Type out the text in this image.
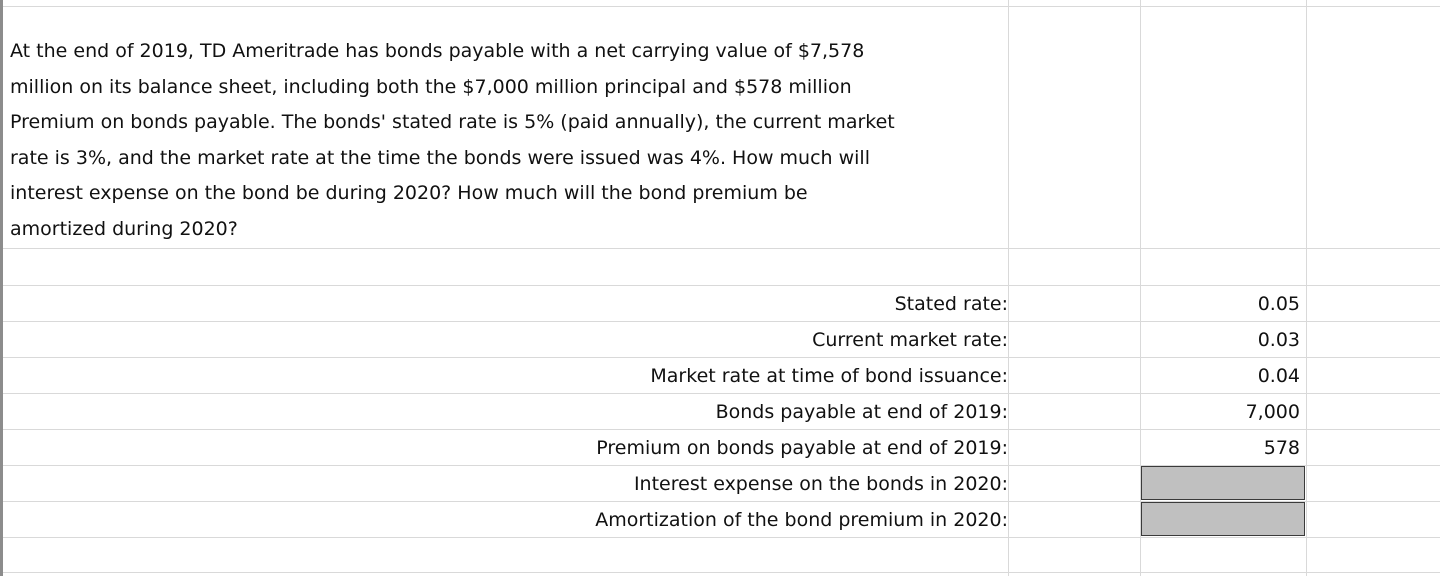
At the end of 2019, TD Ameritrade has bonds payable with a net carrying value of $7,578
million on its balance sheet, including both the $7,000 million principal and $578 million
Premium on bonds payable. The bonds' stated rate is 5% (paid annually), the current market
rate is 3%, and the market rate at the time the bonds were issued was 4%. How much will
interest expense on the bond be during 2020? How much will the bond premium be
amortized during 2020?
Stated rate:	0.05
Current market rate:	0.03
Market rate at time of bond issuance:	0.04
Bonds payable at end of 2019:	7,000
Premium on bonds payable at end of 2019:	578
Interest expense on the bonds in 2020:
Amortization of the bond premium in 2020:
